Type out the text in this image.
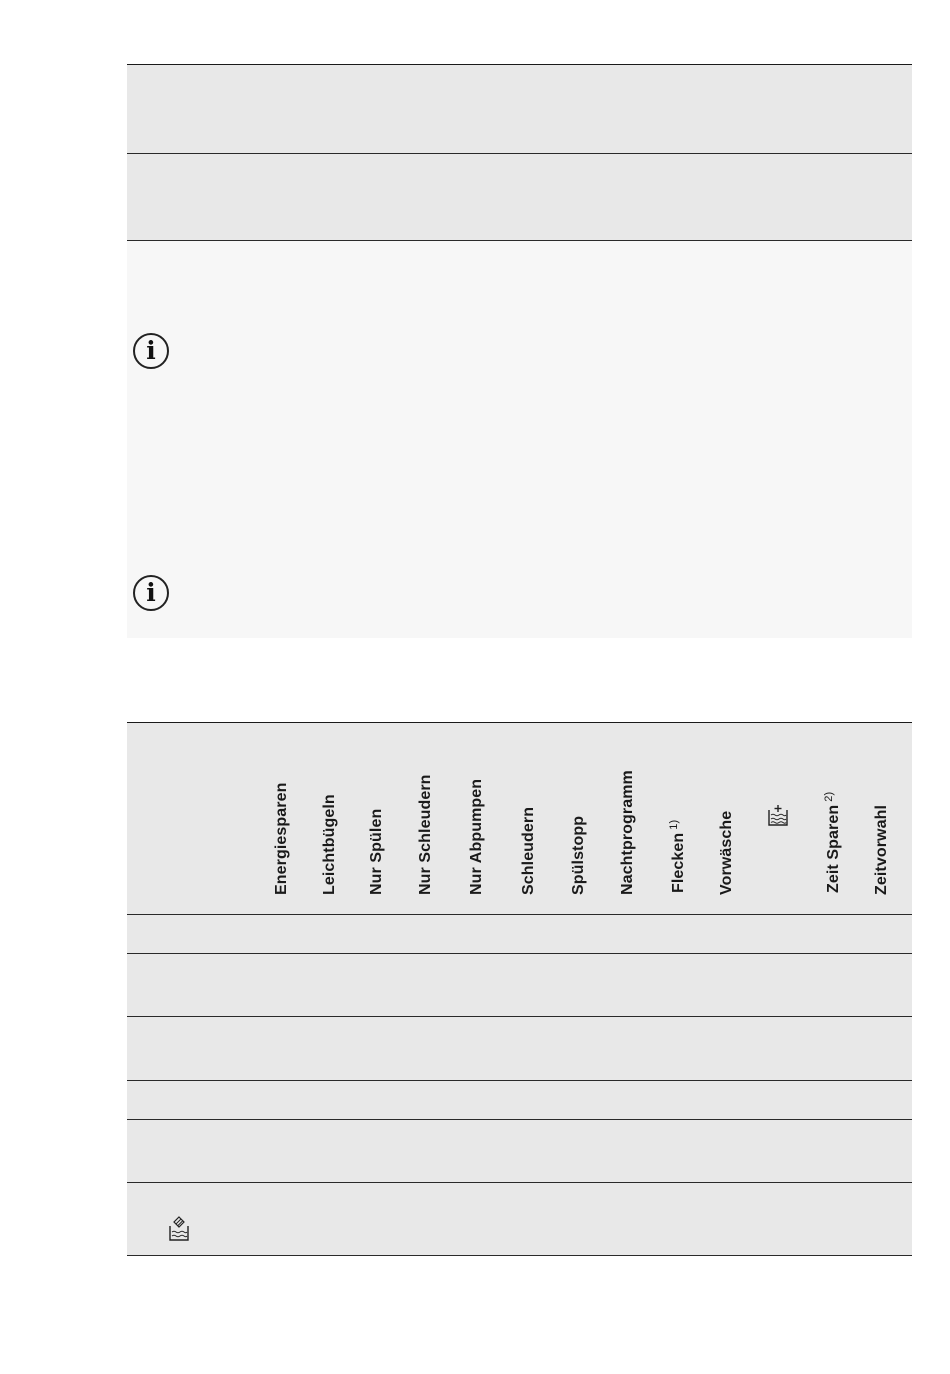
i
i
Energiesparen Leichtbügeln Nur Spülen Nur Schleudern Nur Abpumpen Schleudern Spülstopp Nachtprogramm Flecken$^{1)}$	Vorwäsche	Zeit Sparen$^{2)}$
Zeitvorwahl
